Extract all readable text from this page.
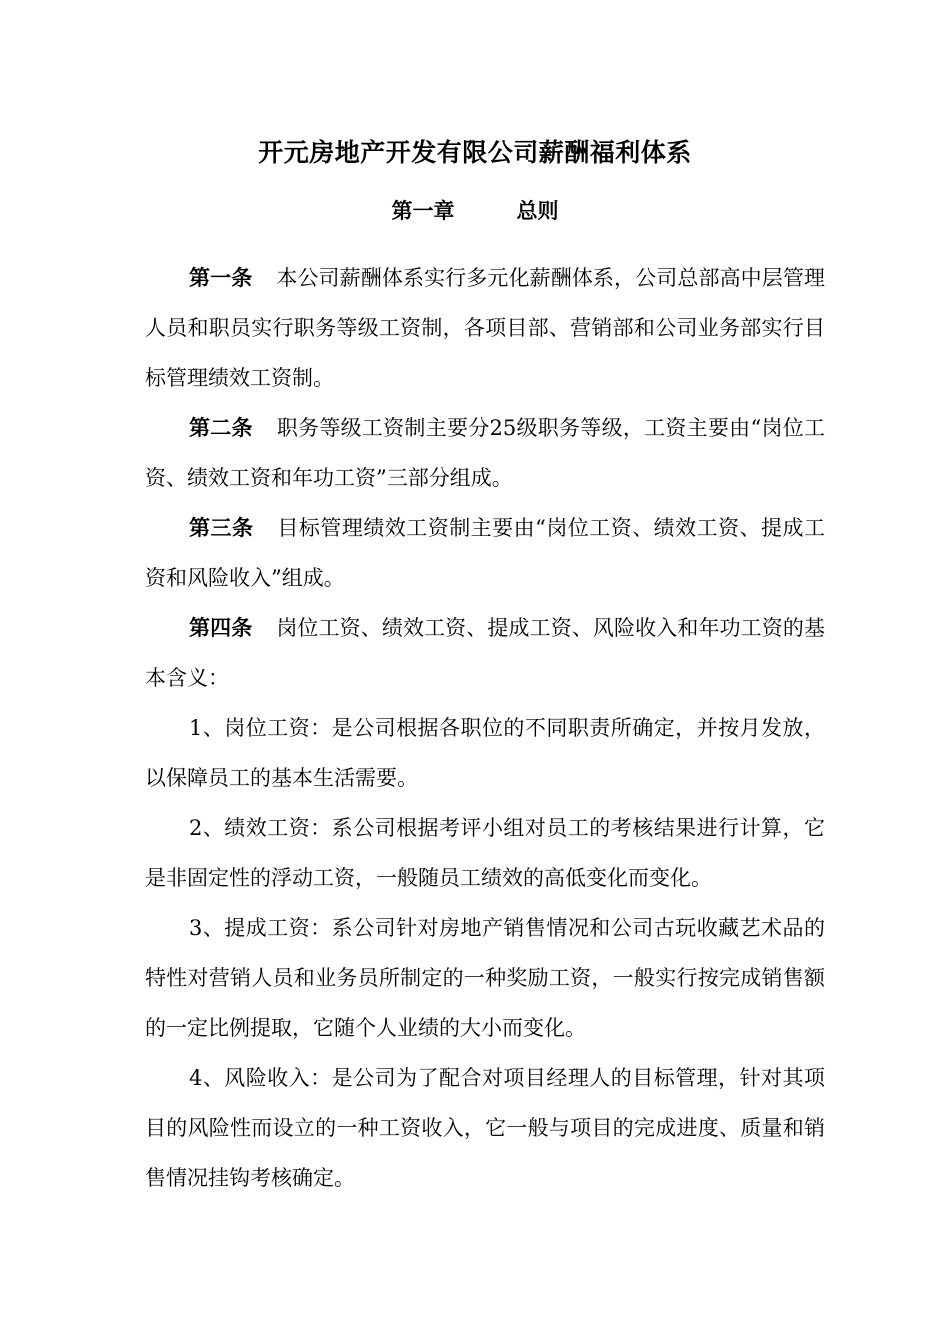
开元房地产开发有限公司薪酬福利体系
第一章	总则

第一条 本公司薪酬体系实行多元化薪酬体系，公司总部高中层管理人员和职员实行职务等级工资制，各项目部、营销部和公司业务部实行目标管理绩效工资制。

第二条 职务等级工资制主要分25级职务等级，工资主要由“岗位工资、绩效工资和年功工资”三部分组成。

第三条 目标管理绩效工资制主要由“岗位工资、绩效工资、提成工资和风险收入”组成。

第四条 岗位工资、绩效工资、提成工资、风险收入和年功工资的基本含义：

1、岗位工资：是公司根据各职位的不同职责所确定，并按月发放，以保障员工的基本生活需要。

2、绩效工资：系公司根据考评小组对员工的考核结果进行计算，它是非固定性的浮动工资，一般随员工绩效的高低变化而变化。

3、提成工资：系公司针对房地产销售情况和公司古玩收藏艺术品的特性对营销人员和业务员所制定的一种奖励工资，一般实行按完成销售额的一定比例提取，它随个人业绩的大小而变化。

4、风险收入：是公司为了配合对项目经理人的目标管理，针对其项目的风险性而设立的一种工资收入，它一般与项目的完成进度、质量和销售情况挂钩考核确定。
